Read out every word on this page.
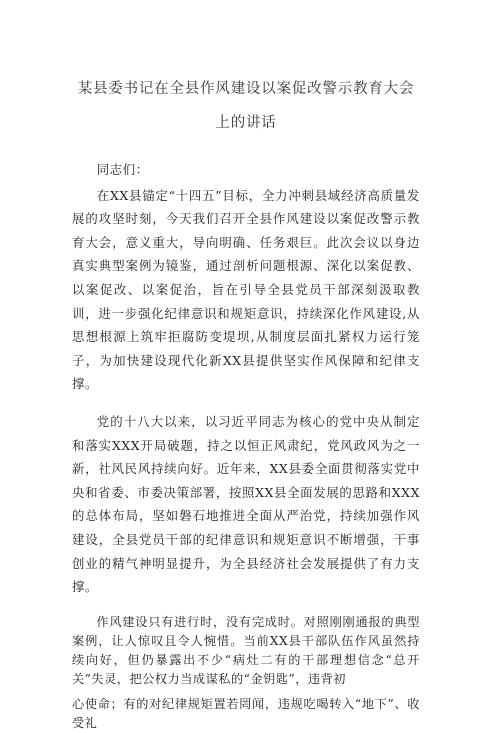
某县委书记在全县作风建设以案促改警示教育大会上的讲话

同志们：

在XX县锚定“十四五”目标，全力冲刺县域经济高质量发展的攻坚时刻，今天我们召开全县作风建设以案促改警示教育大会，意义重大，导向明确、任务艰巨。此次会议以身边真实典型案例为镜鉴，通过剖析问题根源、深化以案促教、以案促改、以案促治，旨在引导全县党员干部深刻汲取教训，进一步强化纪律意识和规矩意识，持续深化作风建设,从思想根源上筑牢拒腐防变堤坝,从制度层面扎紧权力运行笼子，为加快建设现代化新XX县提供坚实作风保障和纪律支撑。

党的十八大以来，以习近平同志为核心的党中央从制定和落实XXX开局破题，持之以恒正风肃纪，党风政风为之一新，社风民风持续向好。近年来，XX县委全面贯彻落实党中央和省委、市委决策部署，按照XX县全面发展的思路和XXX的总体布局，坚如磐石地推进全面从严治党，持续加强作风建设，全县党员干部的纪律意识和规矩意识不断增强，干事创业的精气神明显提升，为全县经济社会发展提供了有力支撑。

作风建设只有进行时，没有完成时。对照刚刚通报的典型案例，让人惊叹且令人惋惜。当前XX县干部队伍作风虽然持续向好，但仍暴露出不少“病灶二有的干部理想信念“总开关”失灵，把公权力当成谋私的“金钥匙”，违背初

心使命；有的对纪律规矩置若罔闻，违规吃喝转入“地下”、收受礼
